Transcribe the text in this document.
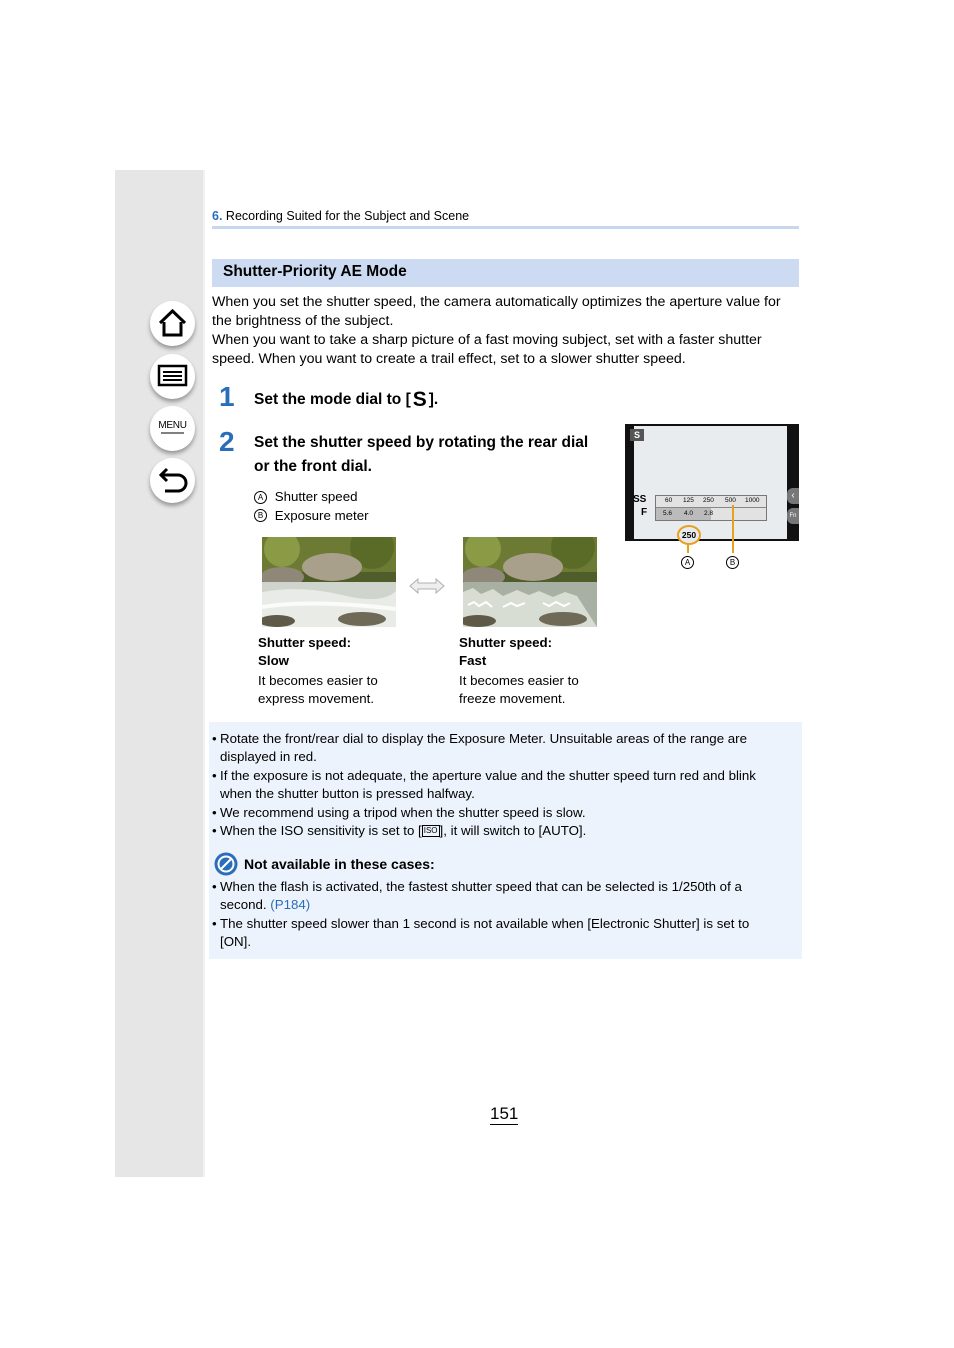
MENU
6. Recording Suited for the Subject and Scene
Shutter-Priority AE Mode
When you set the shutter speed, the camera automatically optimizes the aperture value for the brightness of the subject.
When you want to take a sharp picture of a fast moving subject, set with a faster shutter speed. When you want to create a trail effect, set to a slower shutter speed.
1 Set the mode dial to [S ].
2 Set the shutter speed by rotating the rear dial
or the front dial.
A Shutter speed
B Exposure meter
S
SS
F
60 125 250 500 1000
5.6 4.0 2.8
‹
Fn
250
A	B
Shutter speed:
Slow
It becomes easier to
express movement.
Shutter speed:
Fast
It becomes easier to
freeze movement.
• Rotate the front/rear dial to display the Exposure Meter. Unsuitable areas of the range are
displayed in red.
• If the exposure is not adequate, the aperture value and the shutter speed turn red and blink
when the shutter button is pressed halfway.
• We recommend using a tripod when the shutter speed is slow.
• When the ISO sensitivity is set to [ ISO ], it will switch to [AUTO].
Not available in these cases:
• When the flash is activated, the fastest shutter speed that can be selected is 1/250th of a
second. (P184)
• The shutter speed slower than 1 second is not available when [Electronic Shutter] is set to
[ON].
151
